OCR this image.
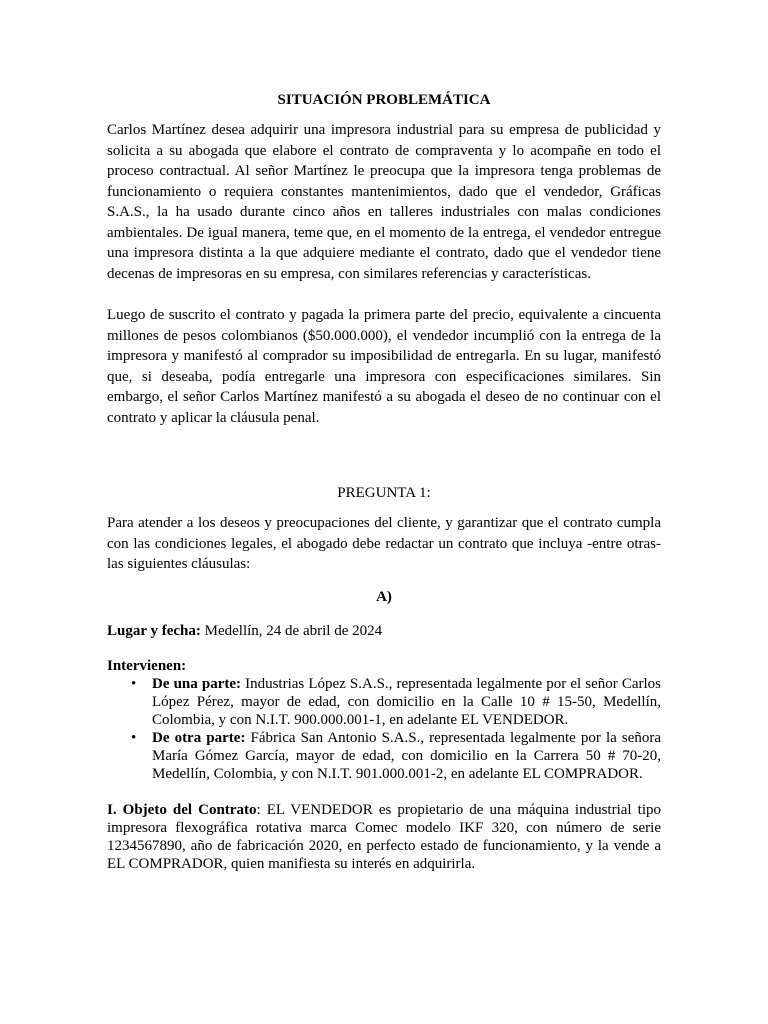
SITUACIÓN PROBLEMÁTICA

Carlos Martínez desea adquirir una impresora industrial para su empresa de publicidad y solicita a su abogada que elabore el contrato de compraventa y lo acompañe en todo el proceso contractual. Al señor Martínez le preocupa que la impresora tenga problemas de funcionamiento o requiera constantes mantenimientos, dado que el vendedor, Gráficas S.A.S., la ha usado durante cinco años en talleres industriales con malas condiciones ambientales. De igual manera, teme que, en el momento de la entrega, el vendedor entregue una impresora distinta a la que adquiere mediante el contrato, dado que el vendedor tiene decenas de impresoras en su empresa, con similares referencias y características.

Luego de suscrito el contrato y pagada la primera parte del precio, equivalente a cincuenta millones de pesos colombianos ($50.000.000), el vendedor incumplió con la entrega de la impresora y manifestó al comprador su imposibilidad de entregarla. En su lugar, manifestó que, si deseaba, podía entregarle una impresora con especificaciones similares. Sin embargo, el señor Carlos Martínez manifestó a su abogada el deseo de no continuar con el contrato y aplicar la cláusula penal.

PREGUNTA 1:

Para atender a los deseos y preocupaciones del cliente, y garantizar que el contrato cumpla con las condiciones legales, el abogado debe redactar un contrato que incluya -entre otras- las siguientes cláusulas:

A)

Lugar y fecha: Medellín, 24 de abril de 2024

Intervienen:

• De una parte: Industrias López S.A.S., representada legalmente por el señor Carlos López Pérez, mayor de edad, con domicilio en la Calle 10 # 15-50, Medellín, Colombia, y con N.I.T. 900.000.001-1, en adelante EL VENDEDOR.
• De otra parte: Fábrica San Antonio S.A.S., representada legalmente por la señora María Gómez García, mayor de edad, con domicilio en la Carrera 50 # 70-20, Medellín, Colombia, y con N.I.T. 901.000.001-2, en adelante EL COMPRADOR.

I. Objeto del Contrato: EL VENDEDOR es propietario de una máquina industrial tipo impresora flexográfica rotativa marca Comec modelo IKF 320, con número de serie 1234567890, año de fabricación 2020, en perfecto estado de funcionamiento, y la vende a EL COMPRADOR, quien manifiesta su interés en adquirirla.
